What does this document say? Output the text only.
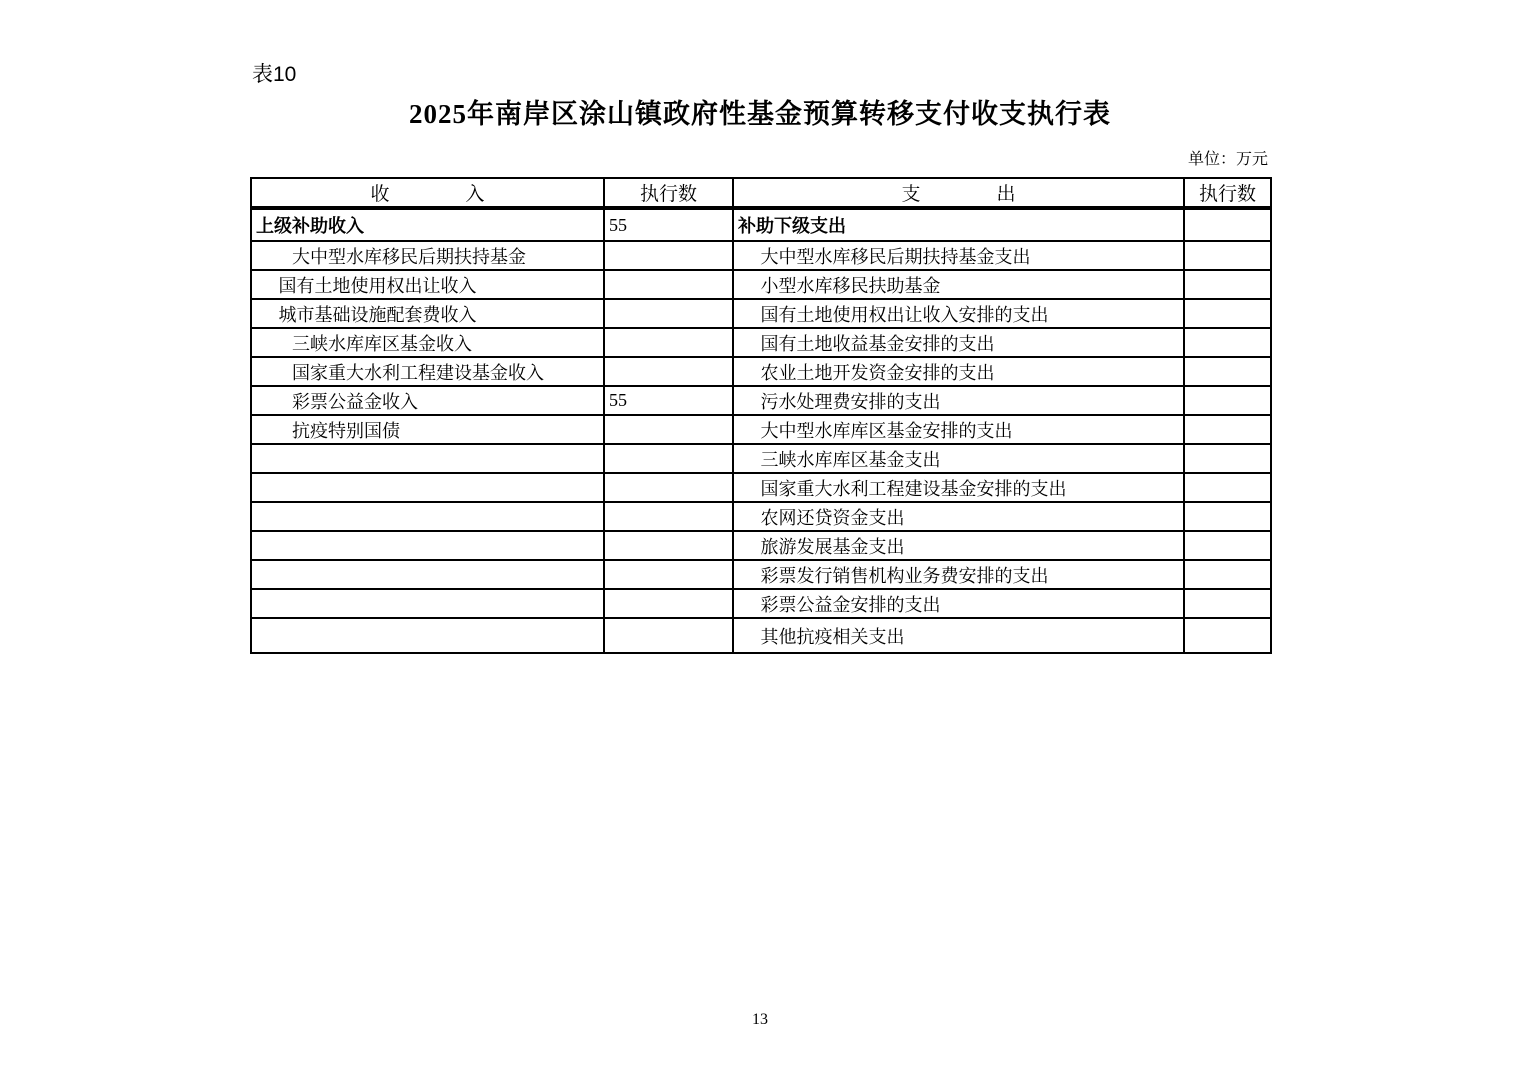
表10
2025年南岸区涂山镇政府性基金预算转移支付收支执行表
单位：万元
收　　　　入	执行数	支　　　　出	执行数
上级补助收入	55	补助下级支出	
　　大中型水库移民后期扶持基金		　 大中型水库移民后期扶持基金支出	
　 国有土地使用权出让收入		　 小型水库移民扶助基金	
　 城市基础设施配套费收入		　 国有土地使用权出让收入安排的支出	
　　三峡水库库区基金收入		　 国有土地收益基金安排的支出	
　　国家重大水利工程建设基金收入		　 农业土地开发资金安排的支出	
　　彩票公益金收入	55	　 污水处理费安排的支出	
　　抗疫特别国债		　 大中型水库库区基金安排的支出	
		　 三峡水库库区基金支出	
		　 国家重大水利工程建设基金安排的支出	
		　 农网还贷资金支出	
		　 旅游发展基金支出	
		　 彩票发行销售机构业务费安排的支出	
		　 彩票公益金安排的支出	
		　 其他抗疫相关支出	
13
